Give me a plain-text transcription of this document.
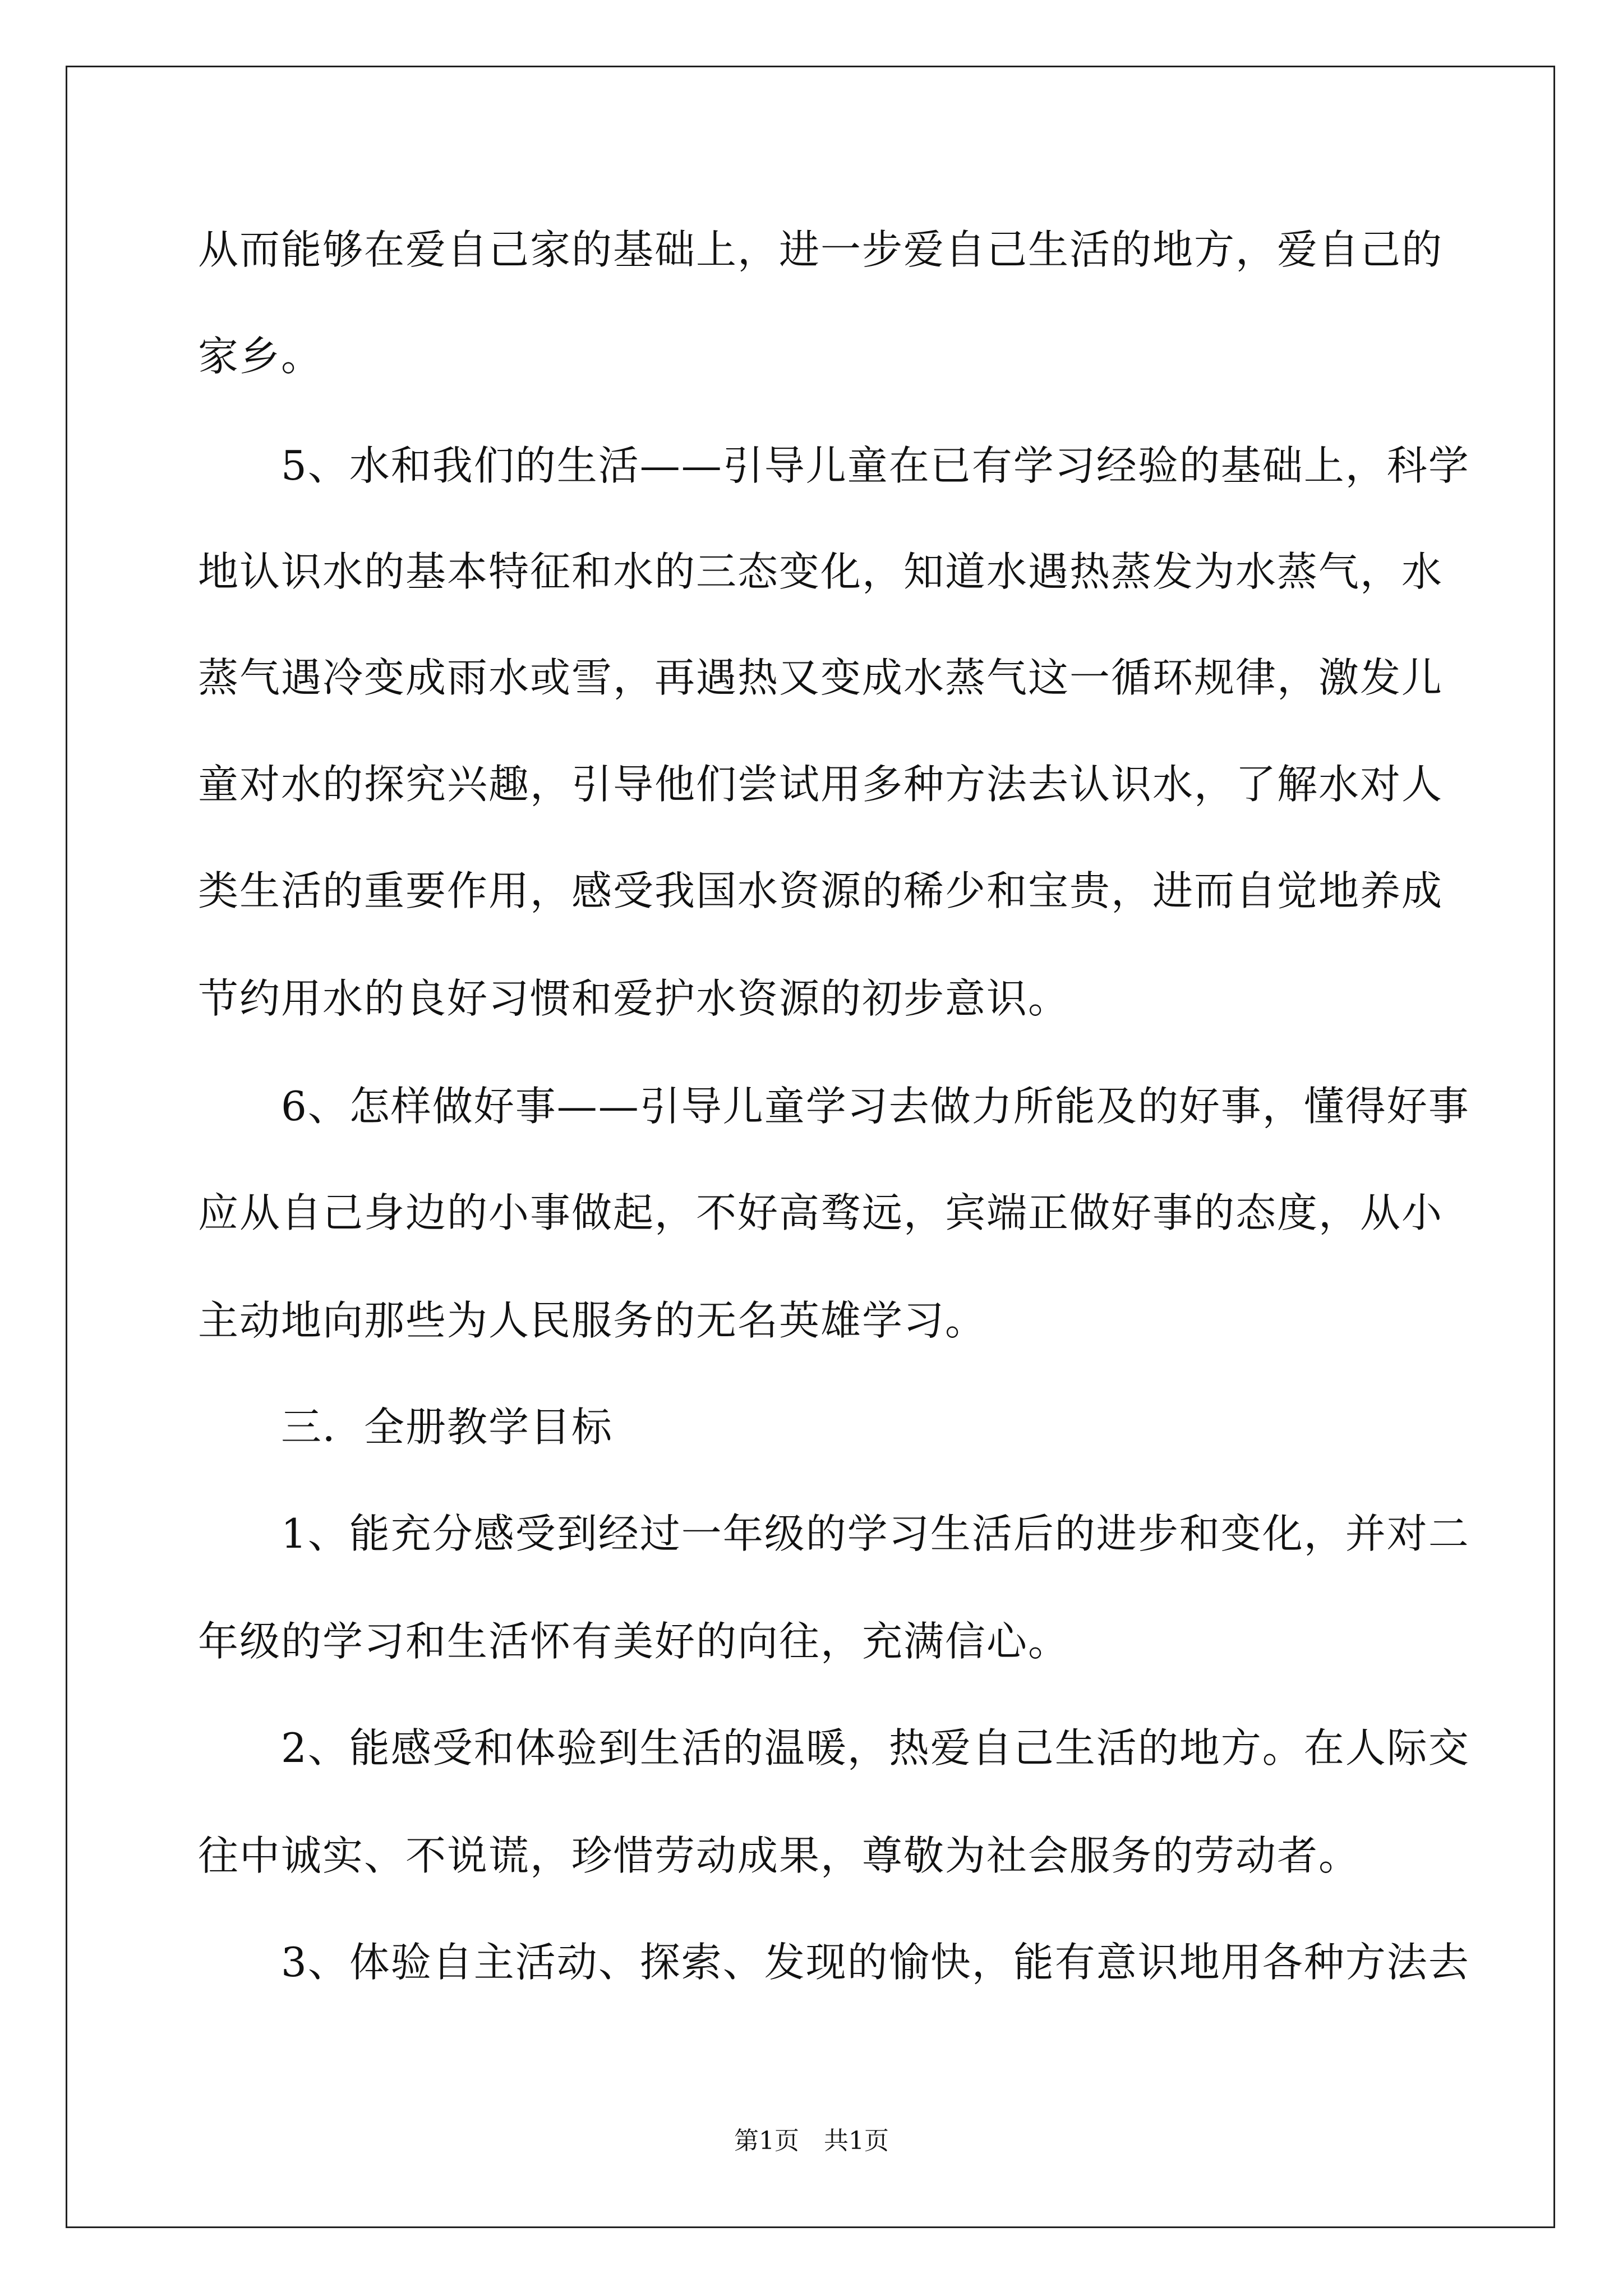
从而能够在爱自己家的基础上，进一步爱自己生活的地方，爱自己的
家乡。
　　5、水和我们的生活——引导儿童在已有学习经验的基础上，科学
地认识水的基本特征和水的三态变化，知道水遇热蒸发为水蒸气，水
蒸气遇冷变成雨水或雪，再遇热又变成水蒸气这一循环规律，激发儿
童对水的探究兴趣，引导他们尝试用多种方法去认识水，了解水对人
类生活的重要作用，感受我国水资源的稀少和宝贵，进而自觉地养成
节约用水的良好习惯和爱护水资源的初步意识。
　　6、怎样做好事——引导儿童学习去做力所能及的好事，懂得好事
应从自己身边的小事做起，不好高骛远，宾端正做好事的态度，从小
主动地向那些为人民服务的无名英雄学习。
　　三．全册教学目标
　　1、能充分感受到经过一年级的学习生活后的进步和变化，并对二
年级的学习和生活怀有美好的向往，充满信心。
　　2、能感受和体验到生活的温暖，热爱自己生活的地方。在人际交
往中诚实、不说谎，珍惜劳动成果，尊敬为社会服务的劳动者。
　　3、体验自主活动、探索、发现的愉快，能有意识地用各种方法去
第1页 共1页
